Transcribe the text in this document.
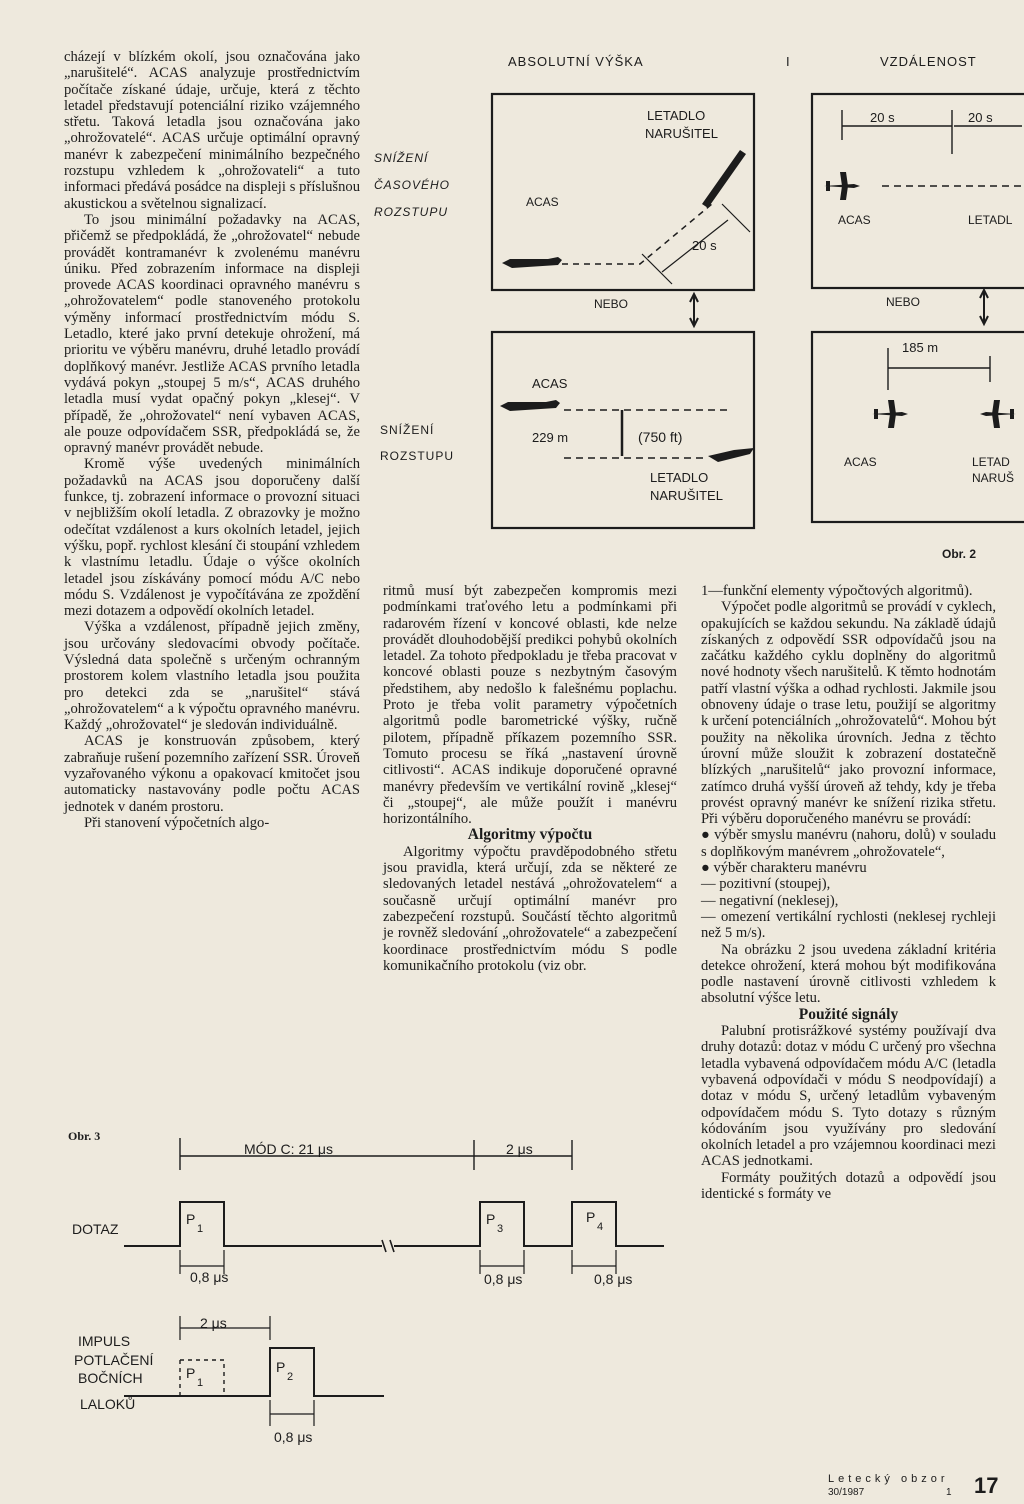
cházejí v blízkém okolí, jsou označována jako „narušitelé“. ACAS analyzuje prostřednictvím počítače získané údaje, určuje, která z těchto letadel představují potenciální riziko vzájemného střetu. Taková letadla jsou označována jako „ohrožovatelé“. ACAS určuje optimální opravný manévr k zabezpečení minimálního bezpečného rozstupu vzhledem k „ohrožovateli“ a tuto informaci předává posádce na displeji s příslušnou akustickou a světelnou signalizací.

To jsou minimální požadavky na ACAS, přičemž se předpokládá, že „ohrožovatel“ nebude provádět kontramanévr k zvolenému manévru úniku. Před zobrazením informace na displeji provede ACAS koordinaci opravného manévru s „ohrožovatelem“ podle stanoveného protokolu výměny informací prostřednictvím módu S. Letadlo, které jako první detekuje ohrožení, má prioritu ve výběru manévru, druhé letadlo provádí doplňkový manévr. Jestliže ACAS prvního letadla vydává pokyn „stoupej 5 m/s“, ACAS druhého letadla musí vydat opačný pokyn „klesej“. V případě, že „ohrožovatel“ není vybaven ACAS, ale pouze odpovídačem SSR, předpokládá se, že opravný manévr provádět nebude.

Kromě výše uvedených minimálních požadavků na ACAS jsou doporučeny další funkce, tj. zobrazení informace o provozní situaci v nejbližším okolí letadla. Z obrazovky je možno odečítat vzdálenost a kurs okolních letadel, jejich výšku, popř. rychlost klesání či stoupání vzhledem k vlastnímu letadlu. Údaje o výšce okolních letadel jsou získávány pomocí módu A/C nebo módu S. Vzdálenost je vypočítávána ze zpoždění mezi dotazem a odpovědí okolních letadel.

Výška a vzdálenost, případně jejich změny, jsou určovány sledovacími obvody počítače. Výsledná data společně s určeným ochranným prostorem kolem vlastního letadla jsou použita pro detekci zda se „narušitel“ stává „ohrožovatelem“ a k výpočtu opravného manévru. Každý „ohrožovatel“ je sledován individuálně.

ACAS je konstruován způsobem, který zabraňuje rušení pozemního zařízení SSR. Úroveň vyzařovaného výkonu a opakovací kmitočet jsou automaticky nastavovány podle počtu ACAS jednotek v daném prostoru.

Při stanovení výpočetních algo-

ritmů musí být zabezpečen kompromis mezi podmínkami traťového letu a podmínkami při radarovém řízení v koncové oblasti, kde nelze provádět dlouhodobější predikci pohybů okolních letadel. Za tohoto předpokladu je třeba pracovat v koncové oblasti pouze s nezbytným časovým předstihem, aby nedošlo k falešnému poplachu. Proto je třeba volit parametry výpočetních algoritmů podle barometrické výšky, ručně pilotem, případně příkazem pozemního SSR. Tomuto procesu se říká „nastavení úrovně citlivosti“. ACAS indikuje doporučené opravné manévry především ve vertikální rovině „klesej“ či „stoupej“, ale může použít i manévru horizontálního.

Algoritmy výpočtu

Algoritmy výpočtu pravděpodobného střetu jsou pravidla, která určují, zda se některé ze sledovaných letadel nestává „ohrožovatelem“ a současně určují optimální manévr pro zabezpečení rozstupů. Součástí těchto algoritmů je rovněž sledování „ohrožovatele“ a zabezpečení koordinace prostřednictvím módu S podle komunikačního protokolu (viz obr.

1—funkční elementy výpočtových algoritmů).

Výpočet podle algoritmů se provádí v cyklech, opakujících se každou sekundu. Na základě údajů získaných z odpovědí SSR odpovídačů jsou na začátku každého cyklu doplněny do algoritmů nové hodnoty všech narušitelů. K těmto hodnotám patří vlastní výška a odhad rychlosti. Jakmile jsou obnoveny údaje o trase letu, použijí se algoritmy k určení potenciálních „ohrožovatelů“. Mohou být použity na několika úrovních. Jedna z těchto úrovní může sloužit k zobrazení dostatečně blízkých „narušitelů“ jako provozní informace, zatímco druhá vyšší úroveň až tehdy, kdy je třeba provést opravný manévr ke snížení rizika střetu. Při výběru doporučeného manévru se provádí:

● výběr smyslu manévru (nahoru, dolů) v souladu s doplňkovým manévrem „ohrožovatele“,
● výběr charakteru manévru
— pozitivní (stoupej),
— negativní (neklesej),
— omezení vertikální rychlosti (neklesej rychleji než 5 m/s).

Na obrázku 2 jsou uvedena základní kritéria detekce ohrožení, která mohou být modifikována podle nastavení úrovně citlivosti vzhledem k absolutní výšce letu.

Použité signály

Palubní protisrážkové systémy používají dva druhy dotazů: dotaz v módu C určený pro všechna letadla vybavená odpovídačem módu A/C (letadla vybavená odpovídači v módu S neodpovídají) a dotaz v módu S, určený letadlům vybaveným odpovídačem módu S. Tyto dotazy s různým kódováním jsou využívány pro sledování okolních letadel a pro vzájemnou koordinaci mezi ACAS jednotkami.

Formáty použitých dotazů a odpovědí jsou identické s formáty ve

ABSOLUTNÍ VÝŠKA	I	VZDÁLENOST
SNÍŽENÍ
ČASOVÉHO
ROZSTUPU
SNÍŽENÍ
ROZSTUPU
LETADLO
NARUŠITEL
ACAS
20 s
NEBO
ACAS
229 m	(750 ft)
LETADLO
NARUŠITEL
20 s	20 s
ACAS	LETADL
NEBO
185 m
ACAS	LETAD
NARUŠ
Obr. 2
Obr. 3
MÓD C: 21 μs	2 μs
DOTAZ
IMPULS
POTLAČENÍ
BOČNÍCH
LALOKŮ
P
1
P
3
P
4
0,8 μs	0,8 μs	0,8 μs
2 μs
P
1
P
2
0,8 μs
Letecký obzor
30/1987	1 17
